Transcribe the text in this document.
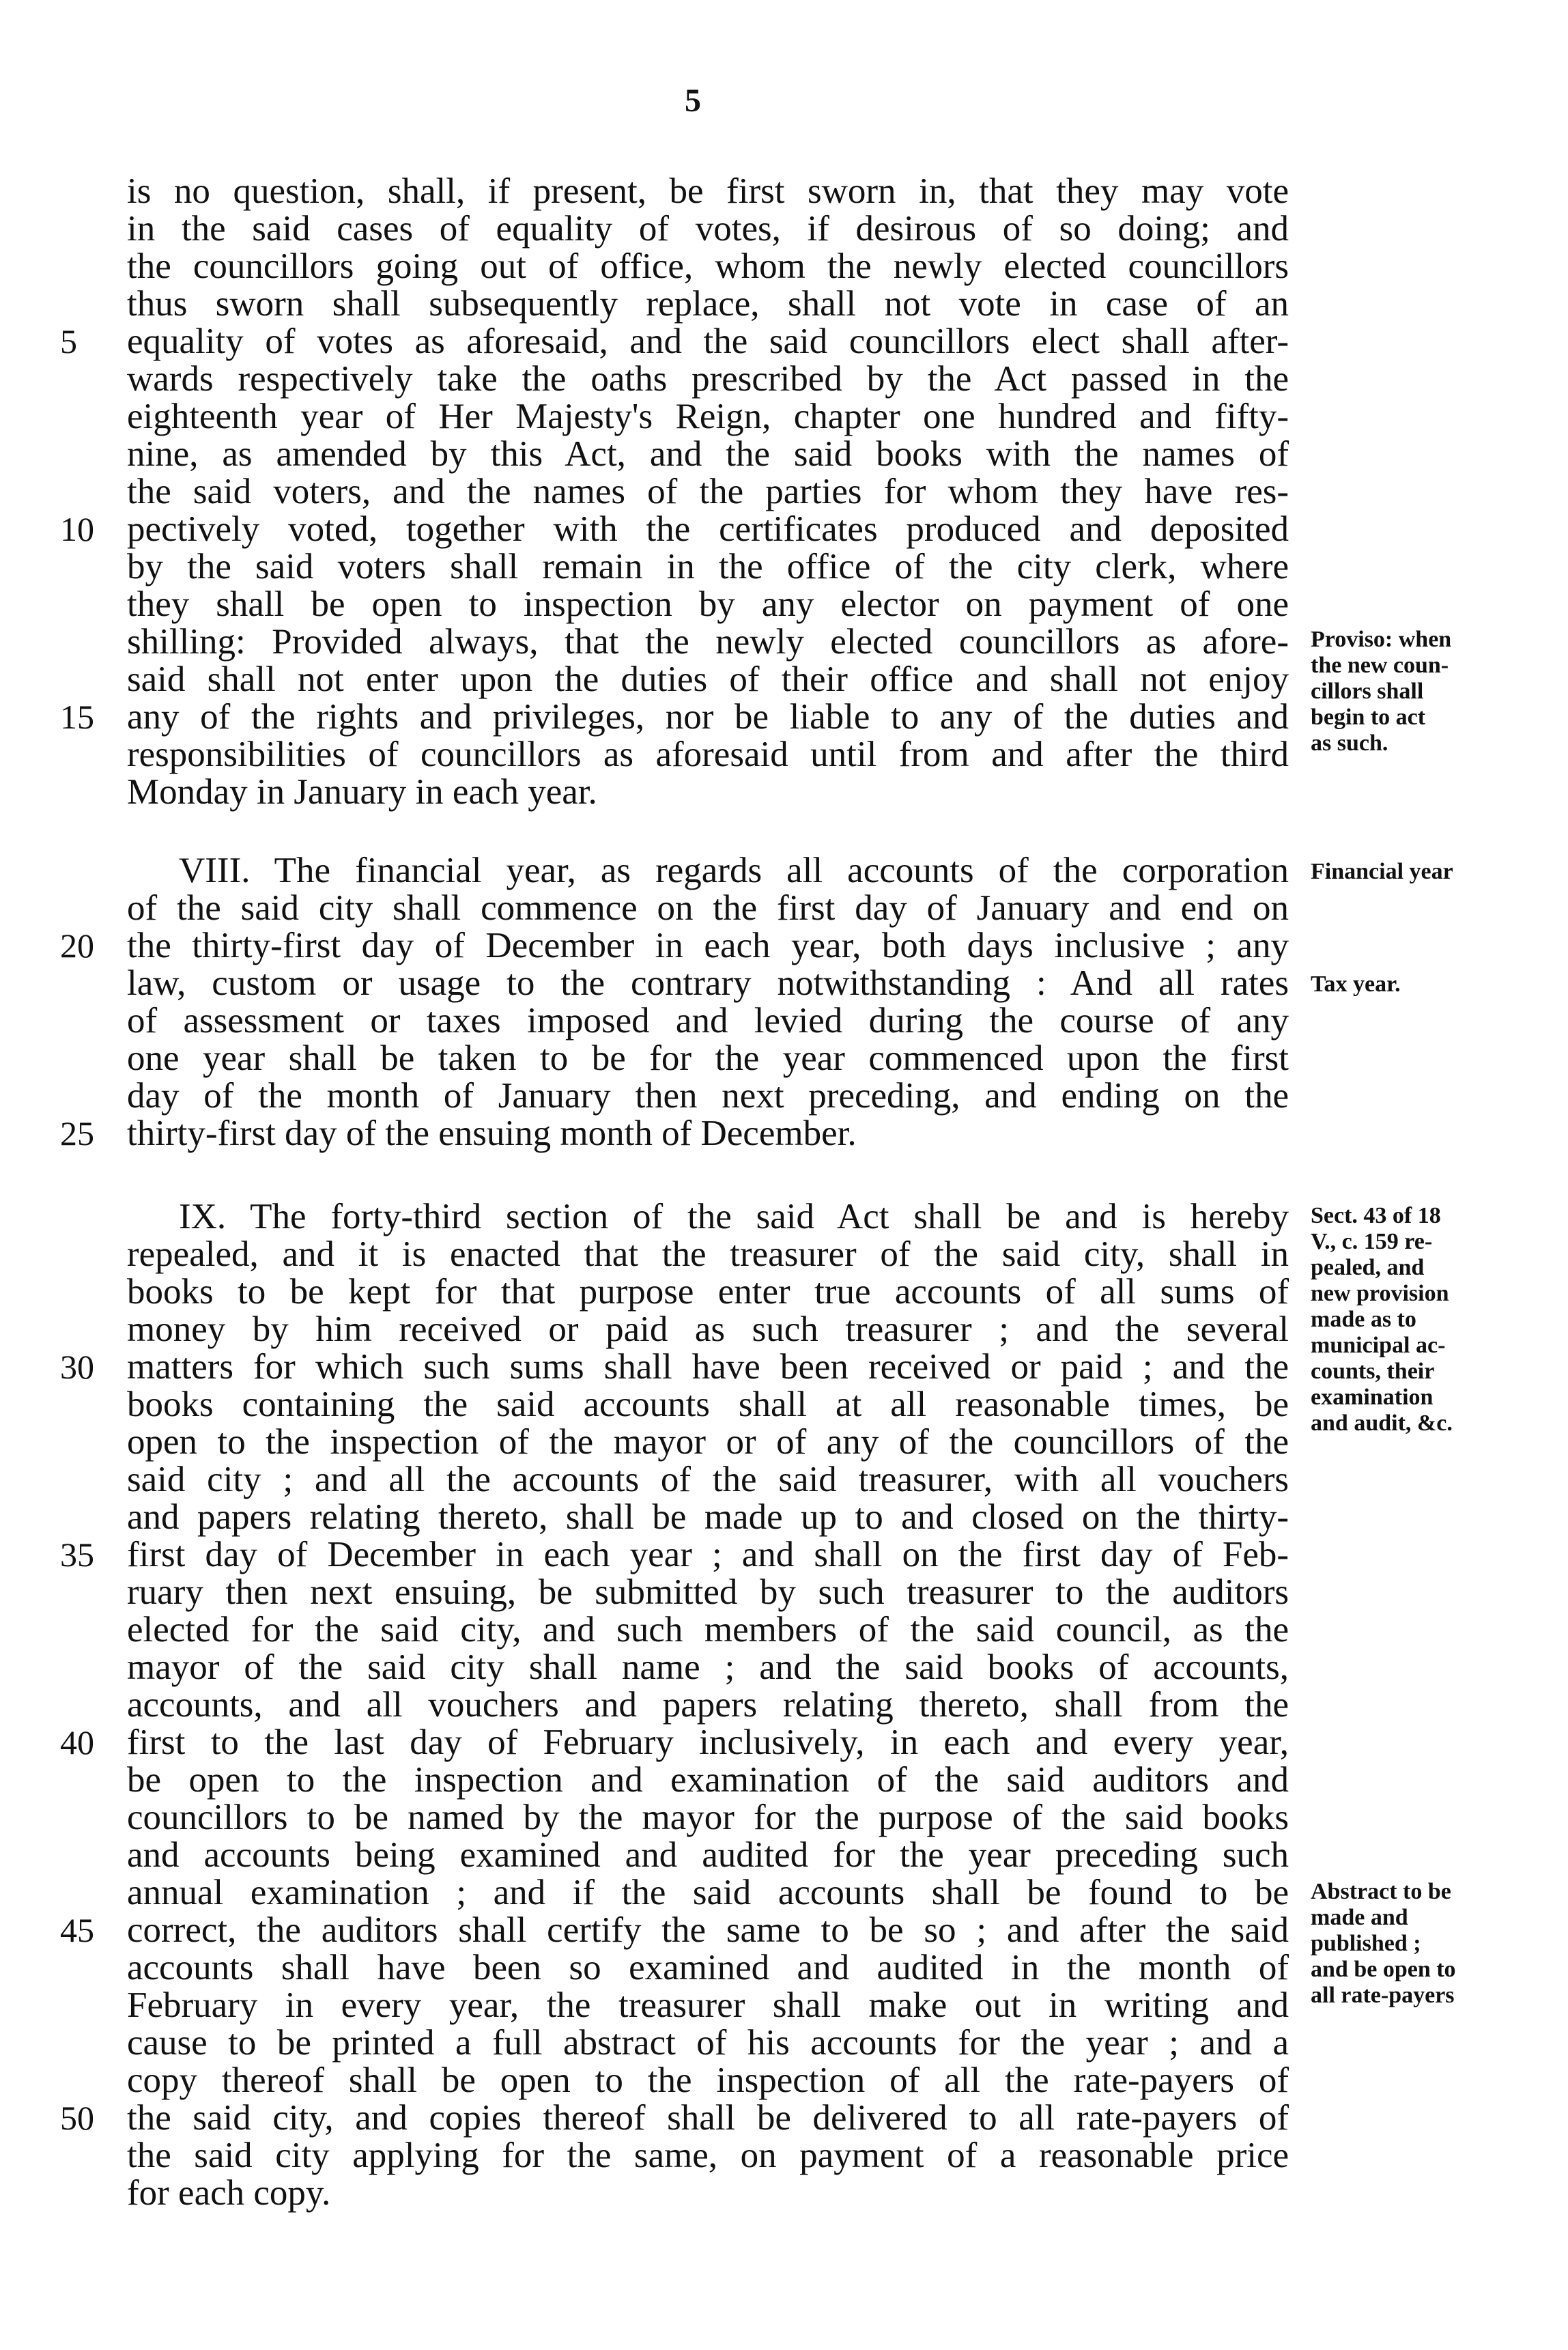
5
is no question, shall, if present, be first sworn in, that they may vote
in the said cases of equality of votes, if desirous of so doing; and
the councillors going out of office, whom the newly elected councillors
thus sworn shall subsequently replace, shall not vote in case of an
equality of votes as aforesaid, and the said councillors elect shall after-
wards respectively take the oaths prescribed by the Act passed in the
eighteenth year of Her Majesty's Reign, chapter one hundred and fifty-
nine, as amended by this Act, and the said books with the names of
the said voters, and the names of the parties for whom they have res-
pectively voted, together with the certificates produced and deposited
by the said voters shall remain in the office of the city clerk, where
they shall be open to inspection by any elector on payment of one
shilling: Provided always, that the newly elected councillors as afore-
said shall not enter upon the duties of their office and shall not enjoy
any of the rights and privileges, nor be liable to any of the duties and
responsibilities of councillors as aforesaid until from and after the third
Monday in January in each year.
VIII. The financial year, as regards all accounts of the corporation
of the said city shall commence on the first day of January and end on
the thirty-first day of December in each year, both days inclusive ; any
law, custom or usage to the contrary notwithstanding : And all rates
of assessment or taxes imposed and levied during the course of any
one year shall be taken to be for the year commenced upon the first
day of the month of January then next preceding, and ending on the
thirty-first day of the ensuing month of December.
IX. The forty-third section of the said Act shall be and is hereby
repealed, and it is enacted that the treasurer of the said city, shall in
books to be kept for that purpose enter true accounts of all sums of
money by him received or paid as such treasurer ; and the several
matters for which such sums shall have been received or paid ; and the
books containing the said accounts shall at all reasonable times, be
open to the inspection of the mayor or of any of the councillors of the
said city ; and all the accounts of the said treasurer, with all vouchers
and papers relating thereto, shall be made up to and closed on the thirty-
first day of December in each year ; and shall on the first day of Feb-
ruary then next ensuing, be submitted by such treasurer to the auditors
elected for the said city, and such members of the said council, as the
mayor of the said city shall name ; and the said books of accounts,
accounts, and all vouchers and papers relating thereto, shall from the
first to the last day of February inclusively, in each and every year,
be open to the inspection and examination of the said auditors and
councillors to be named by the mayor for the purpose of the said books
and accounts being examined and audited for the year preceding such
annual examination ; and if the said accounts shall be found to be
correct, the auditors shall certify the same to be so ; and after the said
accounts shall have been so examined and audited in the month of
February in every year, the treasurer shall make out in writing and
cause to be printed a full abstract of his accounts for the year ; and a
copy thereof shall be open to the inspection of all the rate-payers of
the said city, and copies thereof shall be delivered to all rate-payers of
the said city applying for the same, on payment of a reasonable price
for each copy.
5
10
15
20
25
30
35
40
45
50
Proviso: when
the new coun-
cillors shall
begin to act
as such.
Financial year
Tax year.
Sect. 43 of 18
V., c. 159 re-
pealed, and
new provision
made as to
municipal ac-
counts, their
examination
and audit, &c.
Abstract to be
made and
published ;
and be open to
all rate-payers
